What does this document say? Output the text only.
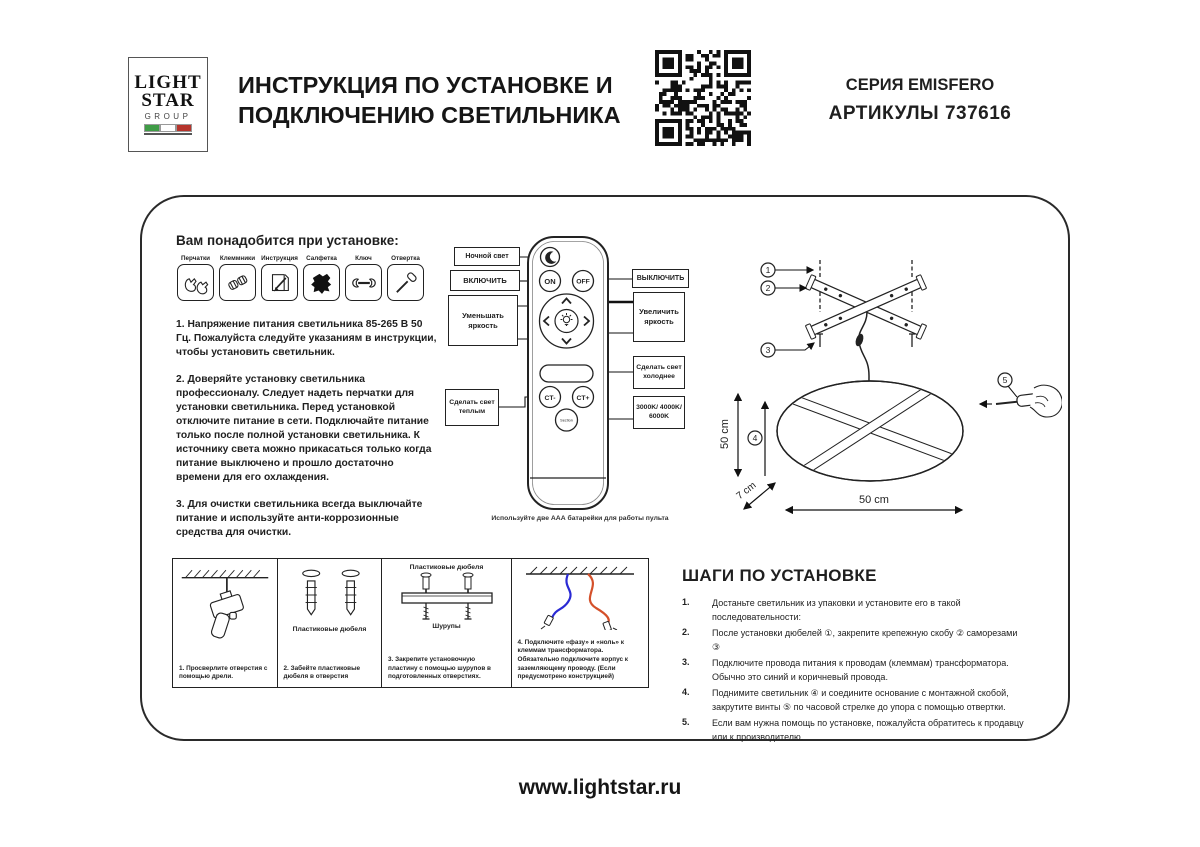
LIGHT
STAR
GROUP
ИНСТРУКЦИЯ ПО УСТАНОВКЕ И
ПОДКЛЮЧЕНИЮ СВЕТИЛЬНИКА
СЕРИЯ EMISFERO
АРТИКУЛЫ 737616
Вам понадобится при установке:
Перчатки Клеммники Инструкция Салфетка	Ключ	Отвертка

1. Напряжение питания светильника 85-265 В 50 Гц. Пожалуйста следуйте указаниям в инструкции, чтобы установить светильник.

2. Доверяйте установку светильника профессионалу. Следует надеть перчатки для установки светильника. Перед установкой отключите питание в сети. Подключайте питание только после полной установки светильника. К источнику света можно прикасаться только когда питание выключено и прошло достаточно времени для его охлаждения.

3. Для очистки светильника всегда выключайте питание и используйте анти-коррозионные средства для очистки.

ON	OFF
CT-	CT+
Section
Ночной свет
ВКЛЮЧИТЬ
Уменьшать яркость
Сделать свет теплым
ВЫКЛЮЧИТЬ
Увеличить яркость
Сделать свет холоднее
3000K/ 4000K/ 6000K
Используйте две ААА батарейки для работы пульта
1
2
3
50 cm
7 cm	50 cm
4
5
1. Просверлите отверстия с помощью дрели.
Пластиковые дюбеля
2. Забейте пластиковые дюбеля в отверстия
Пластиковые дюбеля
Шурупы
3. Закрепите установочную пластину с помощью шурупов в подготовленных отверстиях.
4. Подключите «фазу» и «ноль» к клеммам трансформатора. Обязательно подключите корпус к заземляющему проводу. (Если предусмотрено конструкцией)
ШАГИ ПО УСТАНОВКЕ
1.	Достаньте светильник из упаковки и установите его в такой последовательности:
2.	После установки дюбелей ①, закрепите крепежную скобу ② саморезами ③
3.	Подключите провода питания к проводам (клеммам) трансформатора. Обычно это синий и коричневый провода.
4.	Поднимите светильник ④ и соедините основание с монтажной скобой, закрутите винты ⑤ по часовой стрелке до упора с помощью отвертки.
5.	Если вам нужна помощь по установке, пожалуйста обратитесь к продавцу или к производителю.
www.lightstar.ru
